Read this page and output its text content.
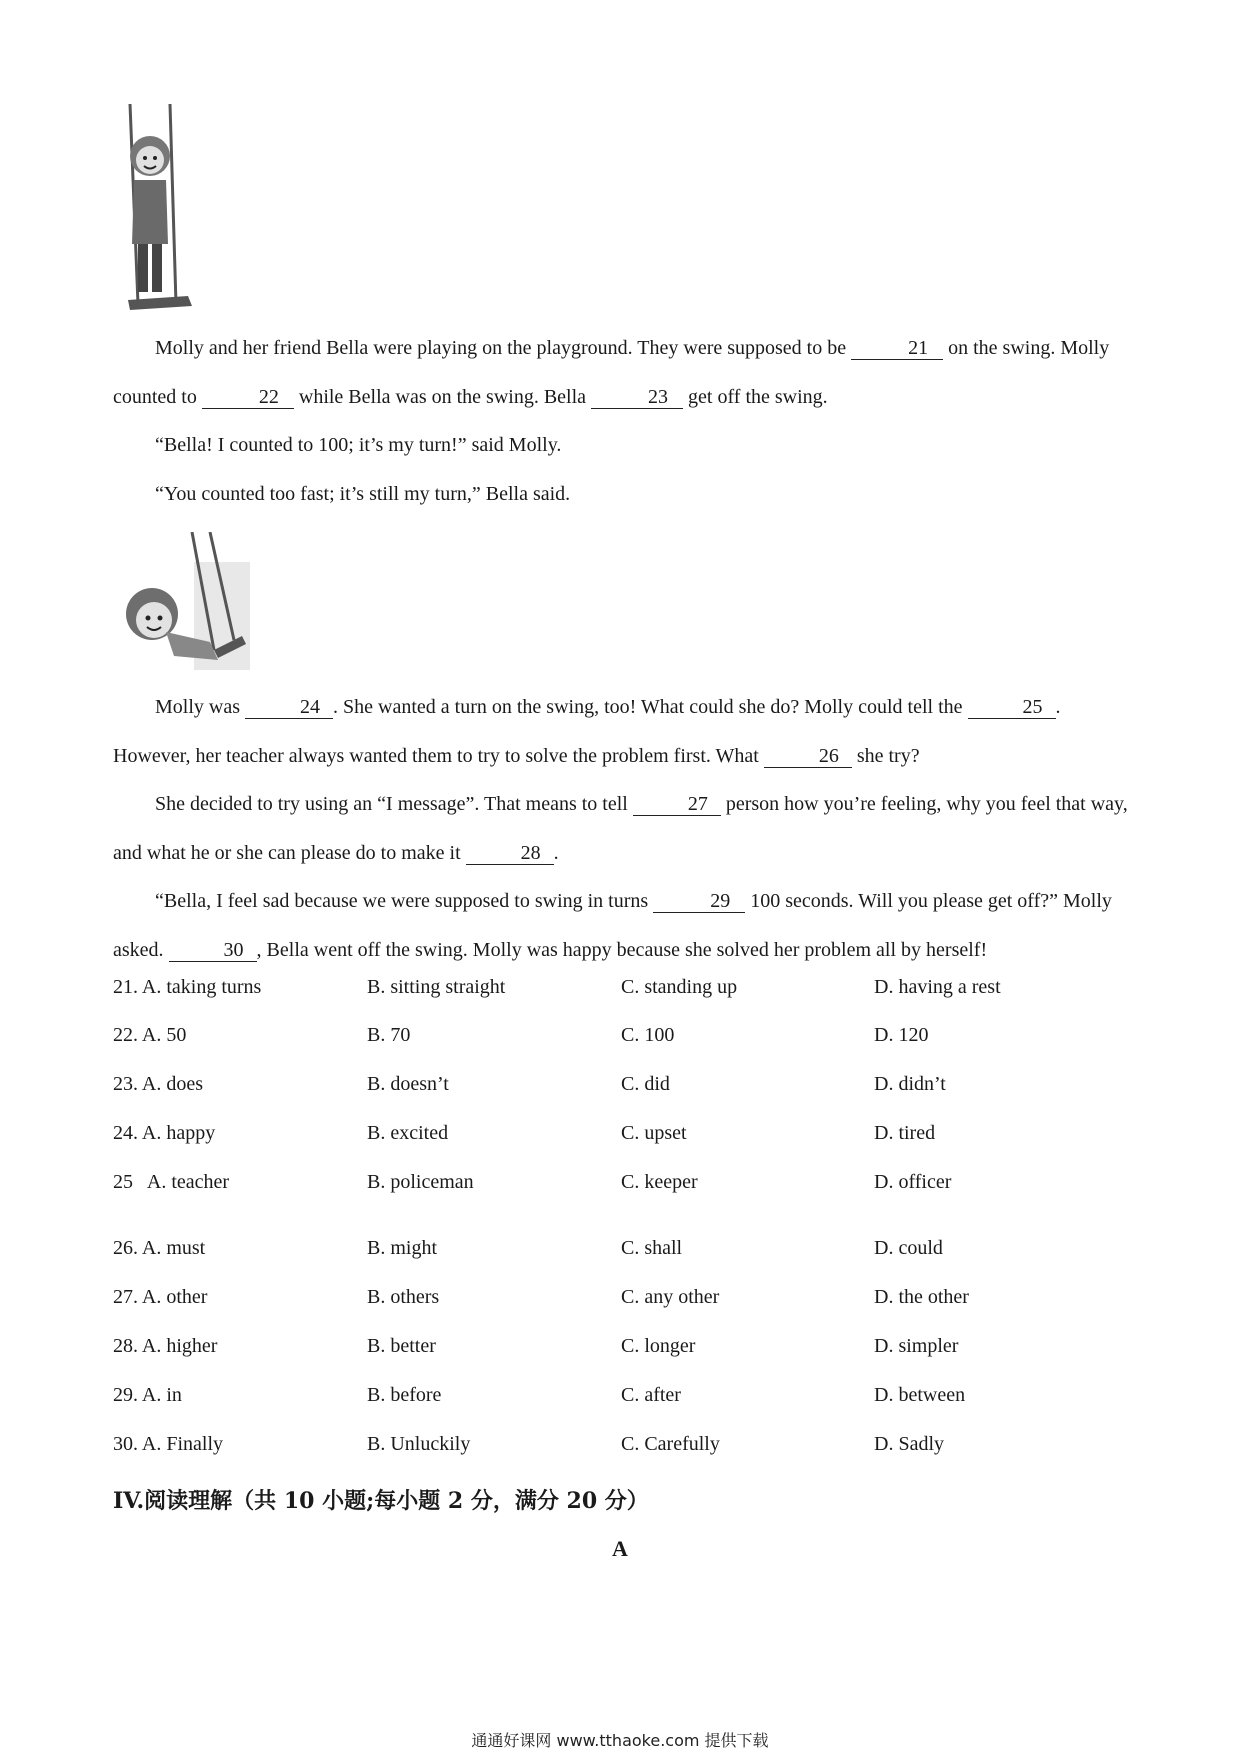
Molly and her friend Bella were playing on the playground. They were supposed to be	21 on the swing. Molly counted to	22 while Bella was on the swing. Bella	23 get off the swing.

“Bella! I counted to 100; it’s my turn!” said Molly.

“You counted too fast; it’s still my turn,” Bella said.

Molly was	24 . She wanted a turn on the swing, too! What could she do? Molly could tell the	25 . However, her teacher always wanted them to try to solve the problem first. What	26 she try?

She decided to try using an “I message”. That means to tell	27 person how you’re feeling, why you feel that way, and what he or she can please do to make it	28 .

“Bella, I feel sad because we were supposed to swing in turns	29 100 seconds. Will you please get off?” Molly asked.	30 , Bella went off the swing. Molly was happy because she solved her problem all by herself!

21. A. taking turns	B. sitting straight	C. standing up	D. having a rest
22. A. 50	B. 70	C. 100	D. 120
23. A. does	B. doesn’t	C. did	D. didn’t
24. A. happy	B. excited	C. upset	D. tired
25   A. teacher	B. policeman	C. keeper	D. officer
26. A. must	B. might	C. shall	D. could
27. A. other	B. others	C. any other	D. the other
28. A. higher	B. better	C. longer	D. simpler
29. A. in	B. before	C. after	D. between
30. A. Finally	B. Unluckily	C. Carefully	D. Sadly

IV.阅读理解（共 10 小题;每小题 2 分，满分 20 分）

A

通通好课网 www.tthaoke.com 提供下载
